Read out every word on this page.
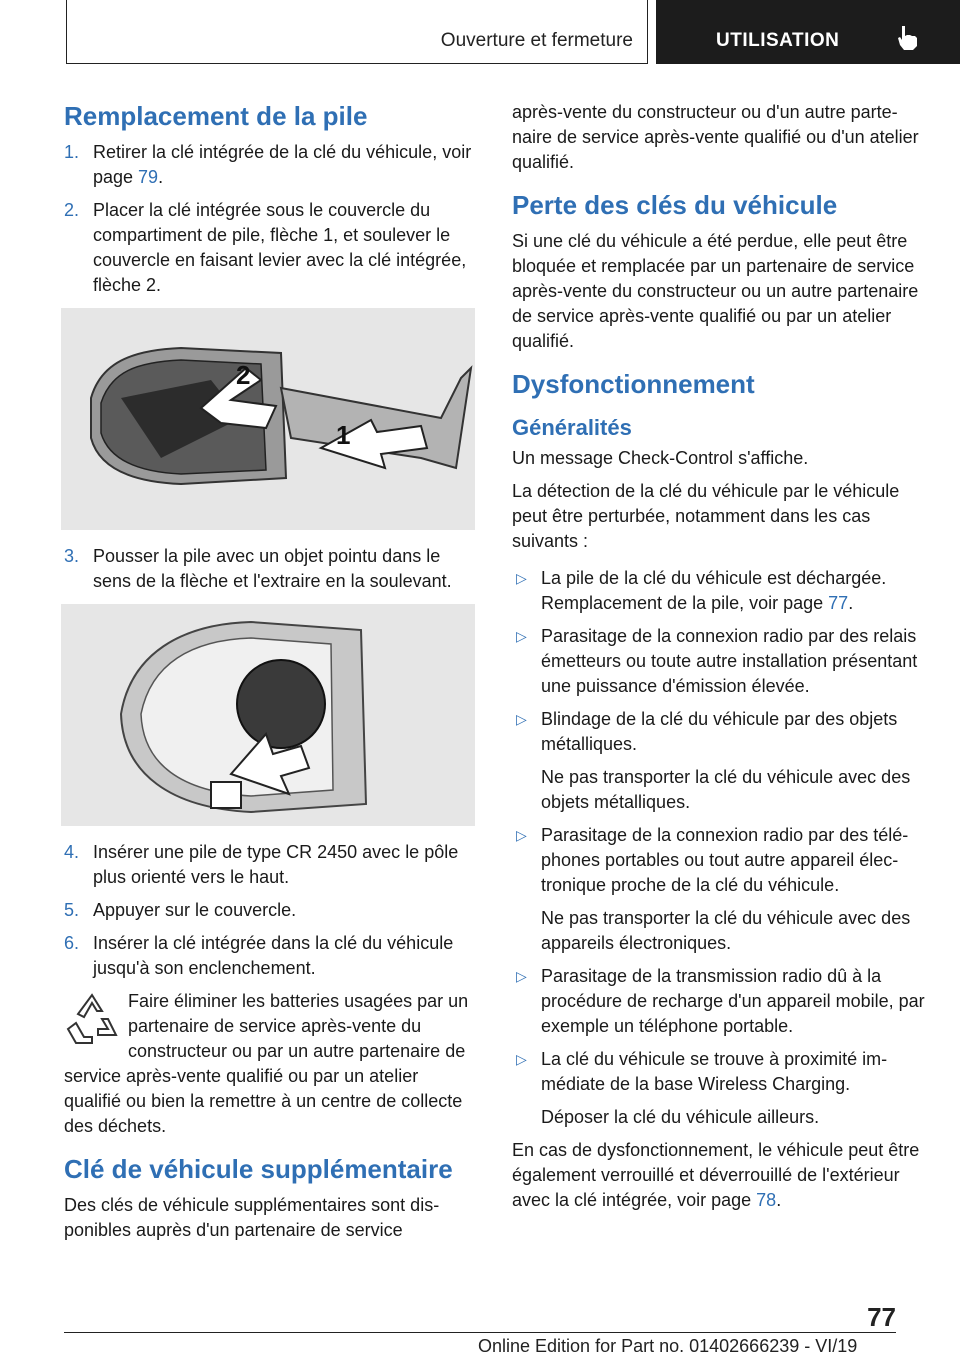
Ouverture et fermeture	UTILISATION
Remplacement de la pile
1. Retirer la clé intégrée de la clé du véhicule, voir page 79.
2. Placer la clé intégrée sous le couvercle du compartiment de pile, flèche 1, et soulever le couvercle en faisant levier avec la clé intégrée, flèche 2.
2
1
3. Pousser la pile avec un objet pointu dans le sens de la flèche et l'extraire en la soulevant.
4. Insérer une pile de type CR 2450 avec le pôle plus orienté vers le haut.
5. Appuyer sur le couvercle.
6. Insérer la clé intégrée dans la clé du véhicule jusqu'à son enclenchement.
Faire éliminer les batteries usagées par un partenaire de service après-vente du constructeur ou par un autre partenaire de service après-vente qualifié ou par un atelier qualifié ou bien la remettre à un centre de collecte des déchets.
Clé de véhicule supplémentaire

Des clés de véhicule supplémentaires sont disponibles auprès d'un partenaire de service

après-vente du constructeur ou d'un autre partenaire de service après-vente qualifié ou d'un atelier qualifié.

Perte des clés du véhicule

Si une clé du véhicule a été perdue, elle peut être bloquée et remplacée par un partenaire de service après-vente du constructeur ou un autre partenaire de service après-vente qualifié ou par un atelier qualifié.

Dysfonctionnement
Généralités

Un message Check-Control s'affiche.

La détection de la clé du véhicule par le véhicule peut être perturbée, notamment dans les cas suivants :

▷ La pile de la clé du véhicule est déchargée. Remplacement de la pile, voir page 77.
▷ Parasitage de la connexion radio par des relais émetteurs ou toute autre installation présentant une puissance d'émission élevée.
▷ Blindage de la clé du véhicule par des objets métalliques.
Ne pas transporter la clé du véhicule avec des objets métalliques.
▷ Parasitage de la connexion radio par des téléphones portables ou tout autre appareil électronique proche de la clé du véhicule.
Ne pas transporter la clé du véhicule avec des appareils électroniques.
▷ Parasitage de la transmission radio dû à la procédure de recharge d'un appareil mobile, par exemple un téléphone portable.
▷ La clé du véhicule se trouve à proximité immédiate de la base Wireless Charging.
Déposer la clé du véhicule ailleurs.

En cas de dysfonctionnement, le véhicule peut être également verrouillé et déverrouillé de l'extérieur avec la clé intégrée, voir page 78.

77
Online Edition for Part no. 01402666239 - VI/19
